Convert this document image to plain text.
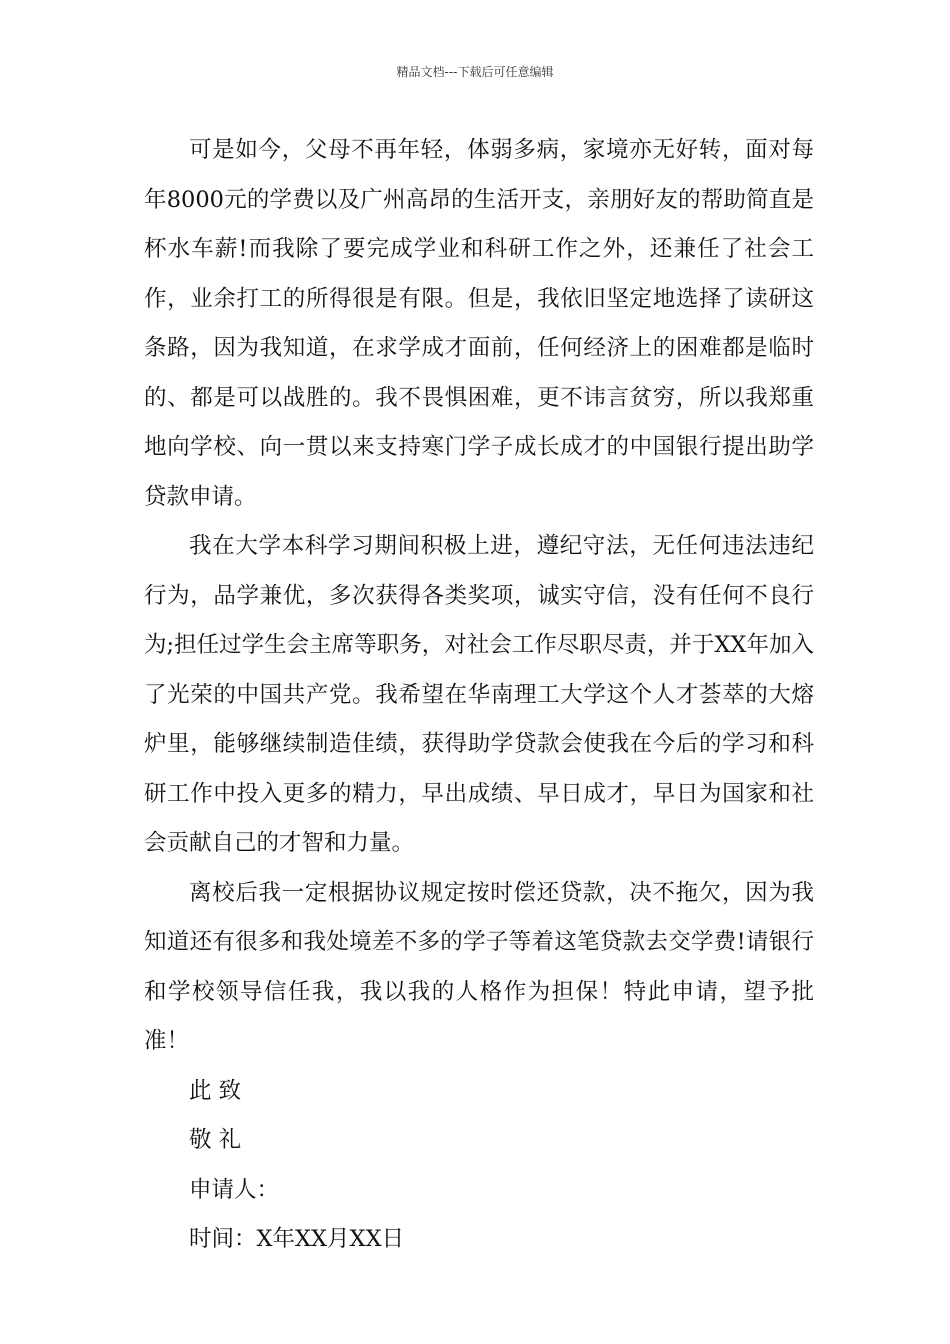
精品文档---下载后可任意编辑

可是如今，父母不再年轻，体弱多病，家境亦无好转，面对每年8000元的学费以及广州高昂的生活开支，亲朋好友的帮助简直是杯水车薪!而我除了要完成学业和科研工作之外，还兼任了社会工作，业余打工的所得很是有限。但是，我依旧坚定地选择了读研这条路，因为我知道，在求学成才面前，任何经济上的困难都是临时的、都是可以战胜的。我不畏惧困难，更不讳言贫穷，所以我郑重地向学校、向一贯以来支持寒门学子成长成才的中国银行提出助学贷款申请。

我在大学本科学习期间积极上进，遵纪守法，无任何违法违纪行为，品学兼优，多次获得各类奖项，诚实守信，没有任何不良行为;担任过学生会主席等职务，对社会工作尽职尽责，并于XX年加入了光荣的中国共产党。我希望在华南理工大学这个人才荟萃的大熔炉里，能够继续制造佳绩，获得助学贷款会使我在今后的学习和科研工作中投入更多的精力，早出成绩、早日成才，早日为国家和社会贡献自己的才智和力量。

离校后我一定根据协议规定按时偿还贷款，决不拖欠，因为我知道还有很多和我处境差不多的学子等着这笔贷款去交学费!请银行和学校领导信任我，我以我的人格作为担保！特此申请，望予批准！

此 致

敬 礼

申请人：

时间：X年XX月XX日
